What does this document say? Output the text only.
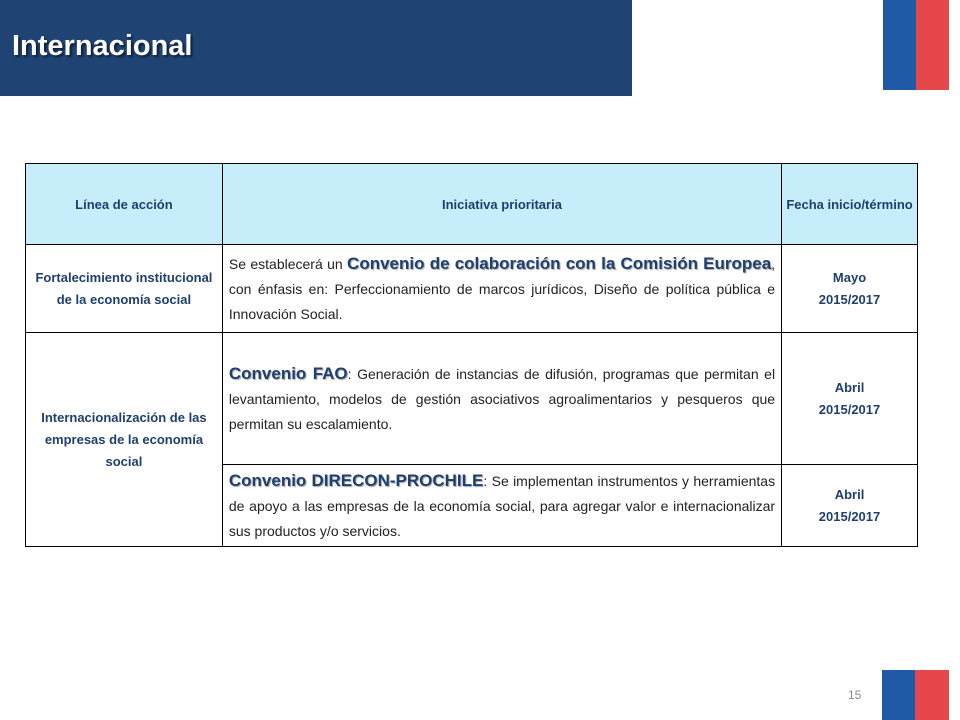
Internacional
Línea de acción	Iniciativa prioritaria	Fecha inicio/término
Fortalecimiento institucional de la economía social	Se establecerá un Convenio de colaboración con la Comisión Europea, con énfasis en: Perfeccionamiento de marcos jurídicos, Diseño de política pública e Innovación Social.	Mayo
2015/2017

Internacionalización de las empresas de la economía social	Convenio FAO: Generación de instancias de difusión, programas que permitan el levantamiento, modelos de gestión asociativos agroalimentarios y pesqueros que permitan su escalamiento.	Abril
2015/2017

	Convenio DIRECON-PROCHILE: Se implementan instrumentos y herramientas de apoyo a las empresas de la economía social, para agregar valor e internacionalizar sus productos y/o servicios.	Abril
2015/2017
15
